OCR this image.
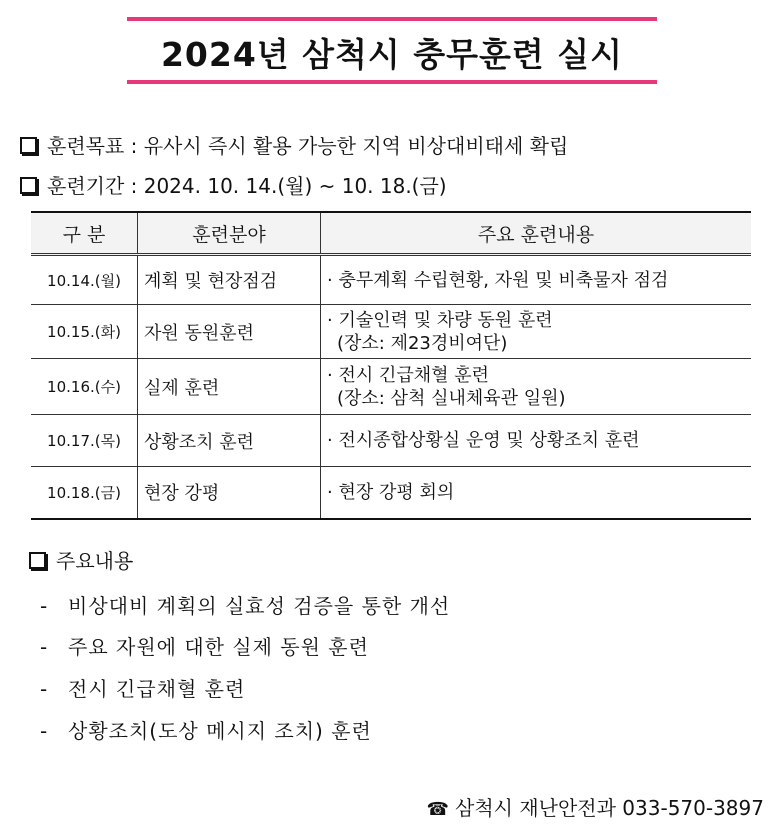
2024년 삼척시 충무훈련 실시
훈련목표 : 유사시 즉시 활용 가능한 지역 비상대비태세 확립
훈련기간 : 2024. 10. 14.(월) ~ 10. 18.(금)
구 분	훈련분야	주요 훈련내용
10.14.(월)	계획 및 현장점검	· 충무계획 수립현황, 자원 및 비축물자 점검

10.15.(화)	자원 동원훈련	· 기술인력 및 차량 동원 훈련
(장소: 제23경비여단)

10.16.(수)	실제 훈련	· 전시 긴급채혈 훈련
(장소: 삼척 실내체육관 일원)

10.17.(목)	상황조치 훈련	· 전시종합상황실 운영 및 상황조치 훈련

10.18.(금)	현장 강평	· 현장 강평 회의
주요내용
- 비상대비 계획의 실효성 검증을 통한 개선
- 주요 자원에 대한 실제 동원 훈련
- 전시 긴급채혈 훈련
- 상황조치(도상 메시지 조치) 훈련
☎ 삼척시 재난안전과 033-570-3897
